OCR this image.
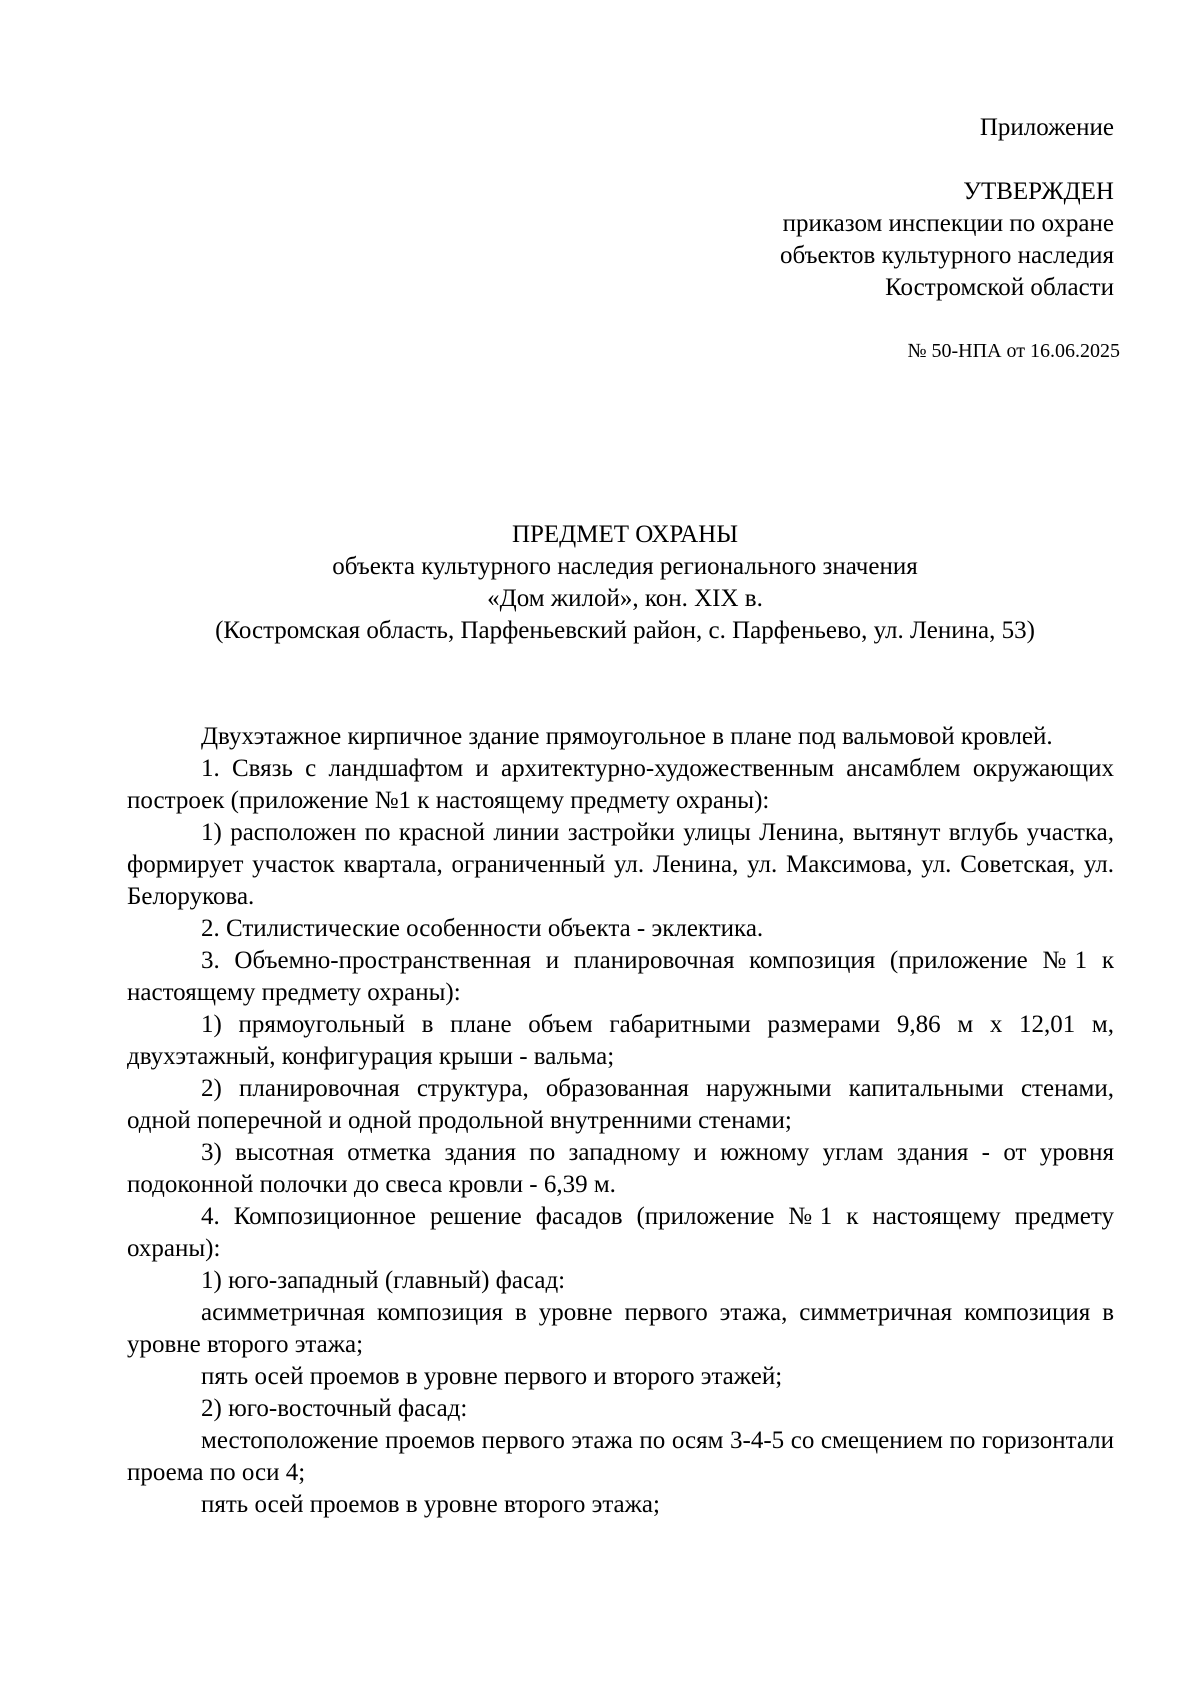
Приложение
УТВЕРЖДЕН
приказом инспекции по охране
объектов культурного наследия
Костромской области
№ 50-НПА от 16.06.2025
ПРЕДМЕТ ОХРАНЫ
объекта культурного наследия регионального значения
«Дом жилой», кон. XIX в.
(Костромская область, Парфеньевский район, с. Парфеньево, ул. Ленина, 53)

Двухэтажное кирпичное здание прямоугольное в плане под вальмовой кровлей.

1. Связь с ландшафтом и архитектурно-художественным ансамблем окружающих построек (приложение №1 к настоящему предмету охраны):

1) расположен по красной линии застройки улицы Ленина, вытянут вглубь участка, формирует участок квартала, ограниченный ул. Ленина, ул. Максимова, ул. Советская, ул. Белорукова.

2. Стилистические особенности объекта - эклектика.

3. Объемно-пространственная и планировочная композиция (приложение №1 к настоящему предмету охраны):

1) прямоугольный в плане объем габаритными размерами 9,86 м х 12,01 м, двухэтажный, конфигурация крыши - вальма;

2) планировочная структура, образованная наружными капитальными стенами, одной поперечной и одной продольной внутренними стенами;

3) высотная отметка здания по западному и южному углам здания - от уровня подоконной полочки до свеса кровли - 6,39 м.

4. Композиционное решение фасадов (приложение №1 к настоящему предмету охраны):

1) юго-западный (главный) фасад:

асимметричная композиция в уровне первого этажа, симметричная композиция в уровне второго этажа;

пять осей проемов в уровне первого и второго этажей;

2) юго-восточный фасад:

местоположение проемов первого этажа по осям 3-4-5 со смещением по горизонтали проема по оси 4;

пять осей проемов в уровне второго этажа;
